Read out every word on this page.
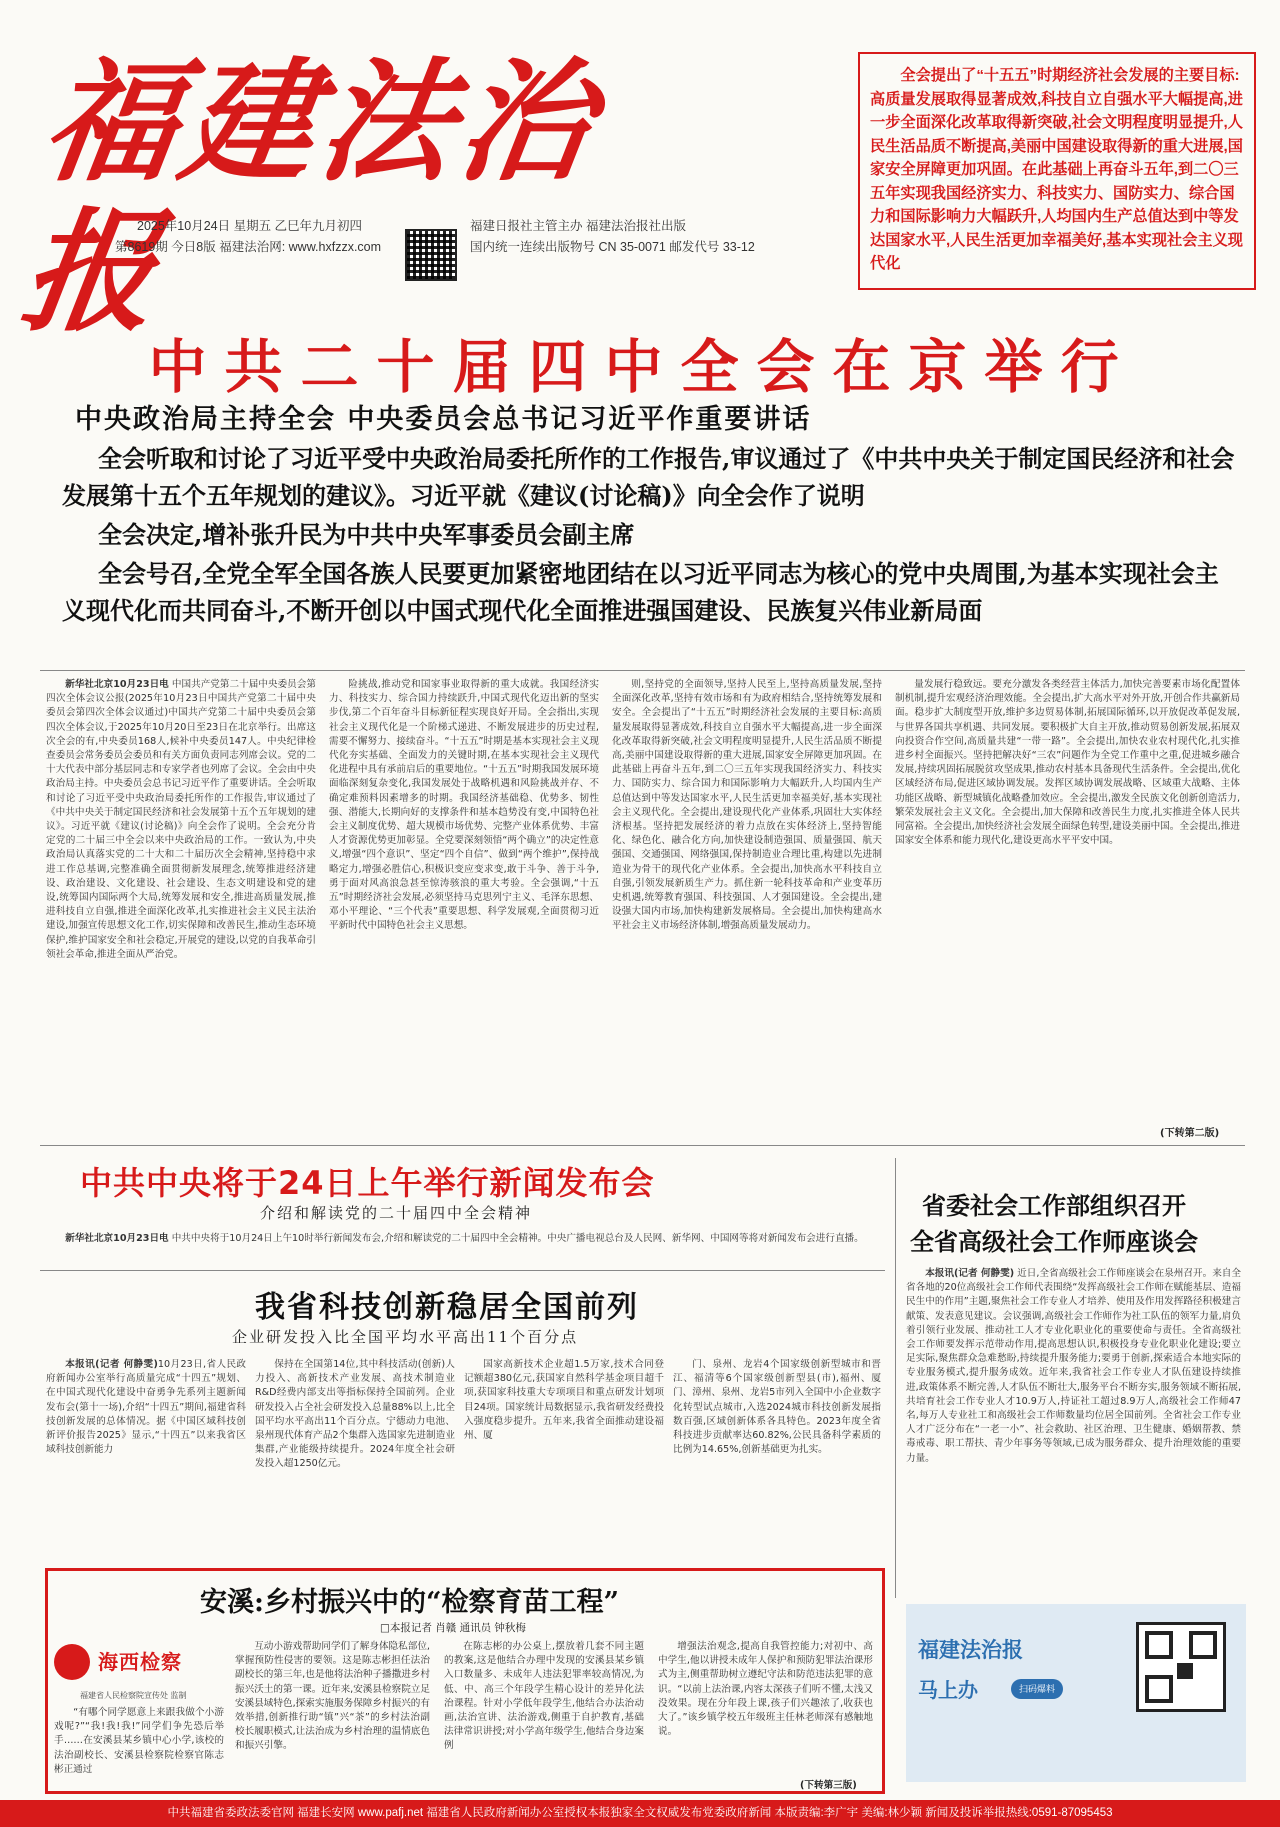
福建法治报
2025年10月24日 星期五 乙巳年九月初四
第8619期 今日8版 福建法治网: www.hxfzzx.com
福建日报社主管主办 福建法治报社出版
国内统一连续出版物号 CN 35-0071 邮发代号 33-12
全会提出了“十五五”时期经济社会发展的主要目标:高质量发展取得显著成效,科技自立自强水平大幅提高,进一步全面深化改革取得新突破,社会文明程度明显提升,人民生活品质不断提高,美丽中国建设取得新的重大进展,国家安全屏障更加巩固。在此基础上再奋斗五年,到二〇三五年实现我国经济实力、科技实力、国防实力、综合国力和国际影响力大幅跃升,人均国内生产总值达到中等发达国家水平,人民生活更加幸福美好,基本实现社会主义现代化
中共二十届四中全会在京举行
中央政治局主持全会 中央委员会总书记习近平作重要讲话
全会听取和讨论了习近平受中央政治局委托所作的工作报告,审议通过了《中共中央关于制定国民经济和社会发展第十五个五年规划的建议》。习近平就《建议(讨论稿)》向全会作了说明
全会决定,增补张升民为中共中央军事委员会副主席
全会号召,全党全军全国各族人民要更加紧密地团结在以习近平同志为核心的党中央周围,为基本实现社会主义现代化而共同奋斗,不断开创以中国式现代化全面推进强国建设、民族复兴伟业新局面

新华社北京10月23日电 中国共产党第二十届中央委员会第四次全体会议公报(2025年10月23日中国共产党第二十届中央委员会第四次全体会议通过)中国共产党第二十届中央委员会第四次全体会议,于2025年10月20日至23日在北京举行。出席这次全会的有,中央委员168人,候补中央委员147人。中央纪律检查委员会常务委员会委员和有关方面负责同志列席会议。党的二十大代表中部分基层同志和专家学者也列席了会议。全会由中央政治局主持。中央委员会总书记习近平作了重要讲话。全会听取和讨论了习近平受中央政治局委托所作的工作报告,审议通过了《中共中央关于制定国民经济和社会发展第十五个五年规划的建议》。习近平就《建议(讨论稿)》向全会作了说明。全会充分肯定党的二十届三中全会以来中央政治局的工作。一致认为,中央政治局认真落实党的二十大和二十届历次全会精神,坚持稳中求进工作总基调,完整准确全面贯彻新发展理念,统筹推进经济建设、政治建设、文化建设、社会建设、生态文明建设和党的建设,统筹国内国际两个大局,统筹发展和安全,推进高质量发展,推进科技自立自强,推进全面深化改革,扎实推进社会主义民主法治建设,加强宣传思想文化工作,切实保障和改善民生,推动生态环境保护,维护国家安全和社会稳定,开展党的建设,以党的自我革命引领社会革命,推进全面从严治党。

险挑战,推动党和国家事业取得新的重大成就。我国经济实力、科技实力、综合国力持续跃升,中国式现代化迈出新的坚实步伐,第二个百年奋斗目标新征程实现良好开局。全会指出,实现社会主义现代化是一个阶梯式递进、不断发展进步的历史过程,需要不懈努力、接续奋斗。“十五五”时期是基本实现社会主义现代化夯实基础、全面发力的关键时期,在基本实现社会主义现代化进程中具有承前启后的重要地位。“十五五”时期我国发展环境面临深刻复杂变化,我国发展处于战略机遇和风险挑战并存、不确定难预料因素增多的时期。我国经济基础稳、优势多、韧性强、潜能大,长期向好的支撑条件和基本趋势没有变,中国特色社会主义制度优势、超大规模市场优势、完整产业体系优势、丰富人才资源优势更加彰显。全党要深刻领悟“两个确立”的决定性意义,增强“四个意识”、坚定“四个自信”、做到“两个维护”,保持战略定力,增强必胜信心,积极识变应变求变,敢于斗争、善于斗争,勇于面对风高浪急甚至惊涛骇浪的重大考验。全会强调,“十五五”时期经济社会发展,必须坚持马克思列宁主义、毛泽东思想、邓小平理论、“三个代表”重要思想、科学发展观,全面贯彻习近平新时代中国特色社会主义思想。

则,坚持党的全面领导,坚持人民至上,坚持高质量发展,坚持全面深化改革,坚持有效市场和有为政府相结合,坚持统筹发展和安全。全会提出了“十五五”时期经济社会发展的主要目标:高质量发展取得显著成效,科技自立自强水平大幅提高,进一步全面深化改革取得新突破,社会文明程度明显提升,人民生活品质不断提高,美丽中国建设取得新的重大进展,国家安全屏障更加巩固。在此基础上再奋斗五年,到二〇三五年实现我国经济实力、科技实力、国防实力、综合国力和国际影响力大幅跃升,人均国内生产总值达到中等发达国家水平,人民生活更加幸福美好,基本实现社会主义现代化。全会提出,建设现代化产业体系,巩固壮大实体经济根基。坚持把发展经济的着力点放在实体经济上,坚持智能化、绿色化、融合化方向,加快建设制造强国、质量强国、航天强国、交通强国、网络强国,保持制造业合理比重,构建以先进制造业为骨干的现代化产业体系。全会提出,加快高水平科技自立自强,引领发展新质生产力。抓住新一轮科技革命和产业变革历史机遇,统筹教育强国、科技强国、人才强国建设。全会提出,建设强大国内市场,加快构建新发展格局。全会提出,加快构建高水平社会主义市场经济体制,增强高质量发展动力。

量发展行稳致远。要充分激发各类经营主体活力,加快完善要素市场化配置体制机制,提升宏观经济治理效能。全会提出,扩大高水平对外开放,开创合作共赢新局面。稳步扩大制度型开放,维护多边贸易体制,拓展国际循环,以开放促改革促发展,与世界各国共享机遇、共同发展。要积极扩大自主开放,推动贸易创新发展,拓展双向投资合作空间,高质量共建“一带一路”。全会提出,加快农业农村现代化,扎实推进乡村全面振兴。坚持把解决好“三农”问题作为全党工作重中之重,促进城乡融合发展,持续巩固拓展脱贫攻坚成果,推动农村基本具备现代生活条件。全会提出,优化区域经济布局,促进区域协调发展。发挥区域协调发展战略、区域重大战略、主体功能区战略、新型城镇化战略叠加效应。全会提出,激发全民族文化创新创造活力,繁荣发展社会主义文化。全会提出,加大保障和改善民生力度,扎实推进全体人民共同富裕。全会提出,加快经济社会发展全面绿色转型,建设美丽中国。全会提出,推进国家安全体系和能力现代化,建设更高水平平安中国。

(下转第二版)
中共中央将于24日上午举行新闻发布会
介绍和解读党的二十届四中全会精神

新华社北京10月23日电 中共中央将于10月24日上午10时举行新闻发布会,介绍和解读党的二十届四中全会精神。中央广播电视总台及人民网、新华网、中国网等将对新闻发布会进行直播。

我省科技创新稳居全国前列
企业研发投入比全国平均水平高出11个百分点

本报讯(记者 何静雯)10月23日,省人民政府新闻办公室举行高质量完成“十四五”规划、在中国式现代化建设中奋勇争先系列主题新闻发布会(第十一场),介绍“十四五”期间,福建省科技创新发展的总体情况。据《中国区域科技创新评价报告2025》显示,“十四五”以来我省区域科技创新能力

保持在全国第14位,其中科技活动(创新)人力投入、高新技术产业发展、高技术制造业R&D经费内部支出等指标保持全国前列。企业研发投入占全社会研发投入总量88%以上,比全国平均水平高出11个百分点。宁德动力电池、泉州现代体育产品2个集群入选国家先进制造业集群,产业能级持续提升。2024年度全社会研发投入超1250亿元。

国家高新技术企业超1.5万家,技术合同登记额超380亿元,获国家自然科学基金项目超千项,获国家科技重大专项项目和重点研发计划项目24项。国家统计局数据显示,我省研发经费投入强度稳步提升。五年来,我省全面推动建设福州、厦

门、泉州、龙岩4个国家级创新型城市和晋江、福清等6个国家级创新型县(市),福州、厦门、漳州、泉州、龙岩5市列入全国中小企业数字化转型试点城市,入选2024城市科技创新发展指数百强,区域创新体系各具特色。2023年度全省科技进步贡献率达60.82%,公民具备科学素质的比例为14.65%,创新基础更为扎实。

省委社会工作部组织召开
全省高级社会工作师座谈会

本报讯(记者 何静雯) 近日,全省高级社会工作师座谈会在泉州召开。来自全省各地的20位高级社会工作师代表围绕“发挥高级社会工作师在赋能基层、造福民生中的作用”主题,聚焦社会工作专业人才培养、使用及作用发挥路径积极建言献策、发表意见建议。会议强调,高级社会工作师作为社工队伍的领军力量,肩负着引领行业发展、推动社工人才专业化职业化的重要使命与责任。全省高级社会工作师要发挥示范带动作用,提高思想认识,积极投身专业化职业化建设;要立足实际,聚焦群众急难愁盼,持续提升服务能力;要勇于创新,探索适合本地实际的专业服务模式,提升服务成效。近年来,我省社会工作专业人才队伍建设持续推进,政策体系不断完善,人才队伍不断壮大,服务平台不断夯实,服务领域不断拓展,共培育社会工作专业人才10.9万人,持证社工超过8.9万人,高级社会工作师47名,每万人专业社工和高级社会工作师数量均位居全国前列。全省社会工作专业人才广泛分布在“一老一小”、社会救助、社区治理、卫生健康、婚姻帮教、禁毒戒毒、职工帮扶、青少年事务等领域,已成为服务群众、提升治理效能的重要力量。

安溪:乡村振兴中的“检察育苗工程”
□本报记者 肖赣 通讯员 钟秋梅
海西检察
福建省人民检察院宣传处 监制

“有哪个同学愿意上来跟我做个小游戏呢?”“我!我!我!”同学们争先恐后举手……在安溪县某乡镇中心小学,该校的法治副校长、安溪县检察院检察官陈志彬正通过

互动小游戏帮助同学们了解身体隐私部位,掌握预防性侵害的要领。这是陈志彬担任法治副校长的第三年,也是他将法治种子播撒进乡村振兴沃土的第一课。近年来,安溪县检察院立足安溪县域特色,探索实施服务保障乡村振兴的有效举措,创新推行助“镇”兴“茶”的乡村法治副校长履职模式,让法治成为乡村治理的温情底色和振兴引擎。

在陈志彬的办公桌上,摆放着几套不同主题的教案,这是他结合办理中发现的安溪县某乡镇入口数量多、未成年人违法犯罪率较高情况,为低、中、高三个年段学生精心设计的差异化法治课程。针对小学低年段学生,他结合办法治动画,法治宣讲、法治游戏,侧重于自护教育,基础法律常识讲授;对小学高年级学生,他结合身边案例

增强法治观念,提高自我管控能力;对初中、高中学生,他以讲授未成年人保护和预防犯罪法治课形式为主,侧重帮助树立遵纪守法和防范违法犯罪的意识。“以前上法治课,内容太深孩子们听不懂,太浅又没效果。现在分年段上课,孩子们兴趣浓了,收获也大了。”该乡镇学校五年级班主任林老师深有感触地说。

(下转第三版)
福建法治报
马上办	扫码爆料
中共福建省委政法委官网 福建长安网 www.pafj.net 福建省人民政府新闻办公室授权本报独家全文权威发布党委政府新闻 本版责编:李广宇 美编:林少颖 新闻及投诉举报热线:0591-87095453
